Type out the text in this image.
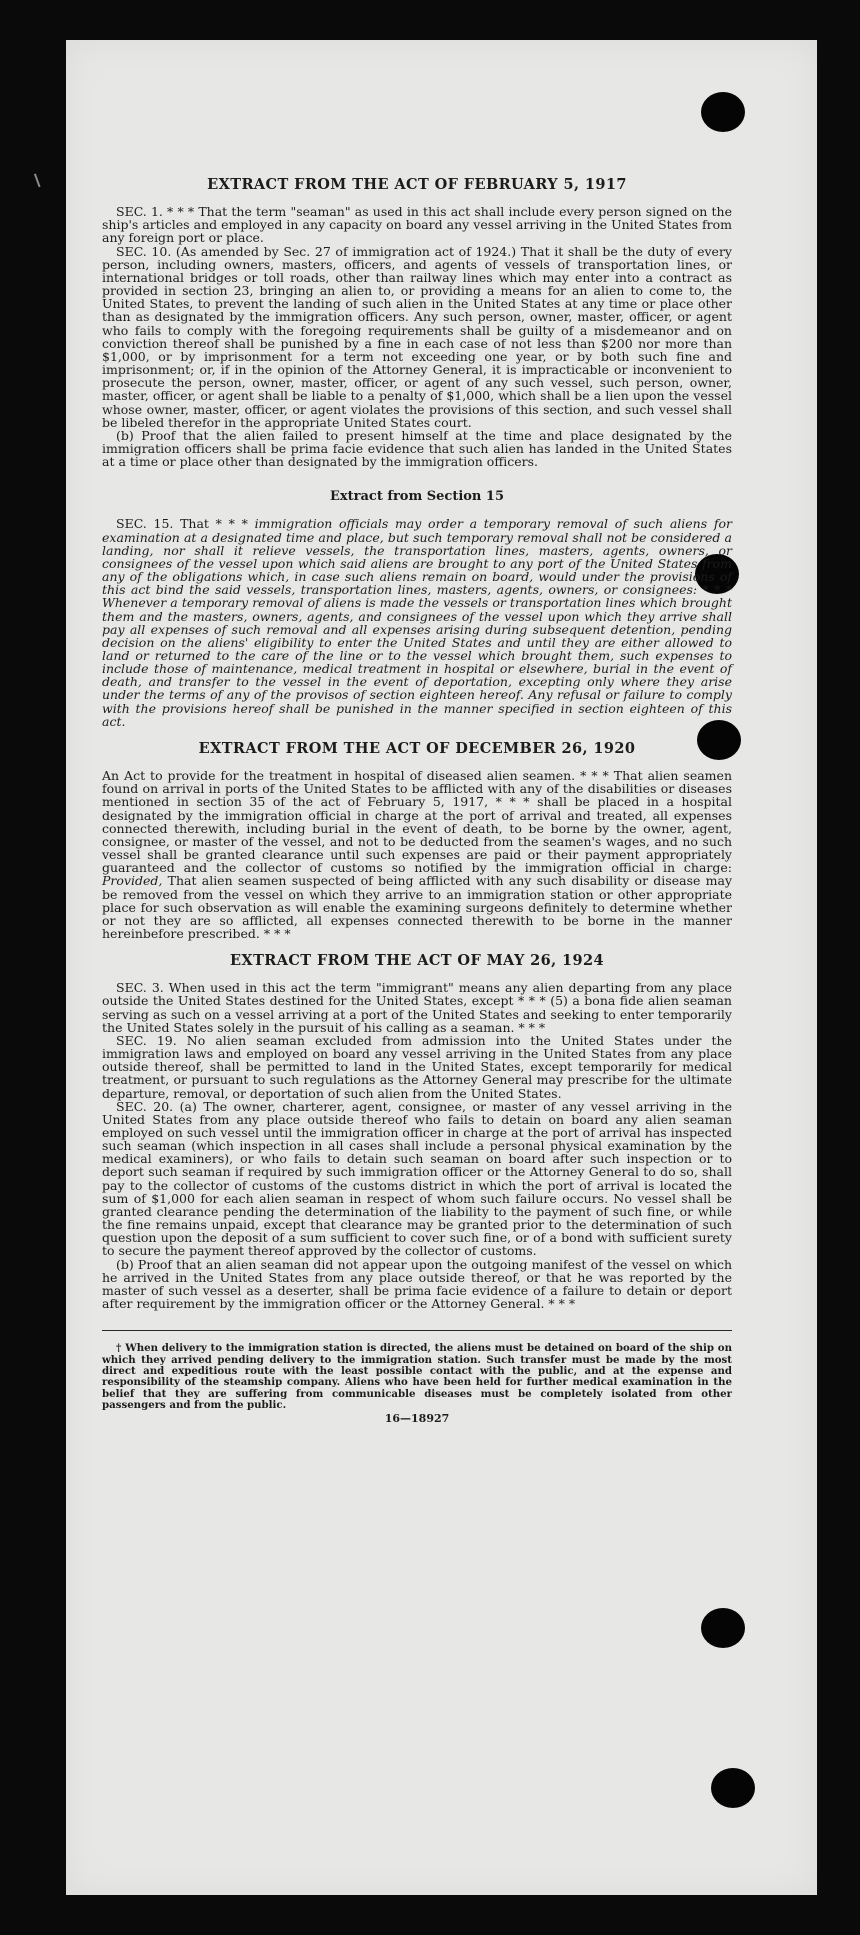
EXTRACT FROM THE ACT OF FEBRUARY 5, 1917

SEC. 1. * * * That the term "seaman" as used in this act shall include every person signed on the ship's articles and employed in any capacity on board any vessel arriving in the United States from any foreign port or place.

SEC. 10. (As amended by Sec. 27 of immigration act of 1924.) That it shall be the duty of every person, including owners, masters, officers, and agents of vessels of transportation lines, or international bridges or toll roads, other than railway lines which may enter into a contract as provided in section 23, bringing an alien to, or providing a means for an alien to come to, the United States, to prevent the landing of such alien in the United States at any time or place other than as designated by the immigration officers. Any such person, owner, master, officer, or agent who fails to comply with the foregoing requirements shall be guilty of a misdemeanor and on conviction thereof shall be punished by a fine in each case of not less than $200 nor more than $1,000, or by imprisonment for a term not exceeding one year, or by both such fine and imprisonment; or, if in the opinion of the Attorney General, it is impracticable or inconvenient to prosecute the person, owner, master, officer, or agent of any such vessel, such person, owner, master, officer, or agent shall be liable to a penalty of $1,000, which shall be a lien upon the vessel whose owner, master, officer, or agent violates the provisions of this section, and such vessel shall be libeled therefor in the appropriate United States court.

(b) Proof that the alien failed to present himself at the time and place designated by the immigration officers shall be prima facie evidence that such alien has landed in the United States at a time or place other than designated by the immigration officers.

Extract from Section 15

SEC. 15. That * * * immigration officials may order a temporary removal of such aliens for examination at a designated time and place, but such temporary removal shall not be considered a landing, nor shall it relieve vessels, the transportation lines, masters, agents, owners, or consignees of the vessel upon which said aliens are brought to any port of the United States from any of the obligations which, in case such aliens remain on board, would under the provisions of this act bind the said vessels, transportation lines, masters, agents, owners, or consignees: * * * Whenever a temporary removal of aliens is made the vessels or transportation lines which brought them and the masters, owners, agents, and consignees of the vessel upon which they arrive shall pay all expenses of such removal and all expenses arising during subsequent detention, pending decision on the aliens' eligibility to enter the United States and until they are either allowed to land or returned to the care of the line or to the vessel which brought them, such expenses to include those of maintenance, medical treatment in hospital or elsewhere, burial in the event of death, and transfer to the vessel in the event of deportation, excepting only where they arise under the terms of any of the provisos of section eighteen hereof. Any refusal or failure to comply with the provisions hereof shall be punished in the manner specified in section eighteen of this act.

EXTRACT FROM THE ACT OF DECEMBER 26, 1920

An Act to provide for the treatment in hospital of diseased alien seamen. * * * That alien seamen found on arrival in ports of the United States to be afflicted with any of the disabilities or diseases mentioned in section 35 of the act of February 5, 1917, * * * shall be placed in a hospital designated by the immigration official in charge at the port of arrival and treated, all expenses connected therewith, including burial in the event of death, to be borne by the owner, agent, consignee, or master of the vessel, and not to be deducted from the seamen's wages, and no such vessel shall be granted clearance until such expenses are paid or their payment appropriately guaranteed and the collector of customs so notified by the immigration official in charge: Provided, That alien seamen suspected of being afflicted with any such disability or disease may be removed from the vessel on which they arrive to an immigration station or other appropriate place for such observation as will enable the examining surgeons definitely to determine whether or not they are so afflicted, all expenses connected therewith to be borne in the manner hereinbefore prescribed. * * *

EXTRACT FROM THE ACT OF MAY 26, 1924

SEC. 3. When used in this act the term "immigrant" means any alien departing from any place outside the United States destined for the United States, except * * * (5) a bona fide alien seaman serving as such on a vessel arriving at a port of the United States and seeking to enter temporarily the United States solely in the pursuit of his calling as a seaman. * * *

SEC. 19. No alien seaman excluded from admission into the United States under the immigration laws and employed on board any vessel arriving in the United States from any place outside thereof, shall be permitted to land in the United States, except temporarily for medical treatment, or pursuant to such regulations as the Attorney General may prescribe for the ultimate departure, removal, or deportation of such alien from the United States.

SEC. 20. (a) The owner, charterer, agent, consignee, or master of any vessel arriving in the United States from any place outside thereof who fails to detain on board any alien seaman employed on such vessel until the immigration officer in charge at the port of arrival has inspected such seaman (which inspection in all cases shall include a personal physical examination by the medical examiners), or who fails to detain such seaman on board after such inspection or to deport such seaman if required by such immigration officer or the Attorney General to do so, shall pay to the collector of customs of the customs district in which the port of arrival is located the sum of $1,000 for each alien seaman in respect of whom such failure occurs. No vessel shall be granted clearance pending the determination of the liability to the payment of such fine, or while the fine remains unpaid, except that clearance may be granted prior to the determination of such question upon the deposit of a sum sufficient to cover such fine, or of a bond with sufficient surety to secure the payment thereof approved by the collector of customs.

(b) Proof that an alien seaman did not appear upon the outgoing manifest of the vessel on which he arrived in the United States from any place outside thereof, or that he was reported by the master of such vessel as a deserter, shall be prima facie evidence of a failure to detain or deport after requirement by the immigration officer or the Attorney General. * * *

† When delivery to the immigration station is directed, the aliens must be detained on board of the ship on which they arrived pending delivery to the immigration station. Such transfer must be made by the most direct and expeditious route with the least possible contact with the public, and at the expense and responsibility of the steamship company. Aliens who have been held for further medical examination in the belief that they are suffering from communicable diseases must be completely isolated from other passengers and from the public.

16—18927
